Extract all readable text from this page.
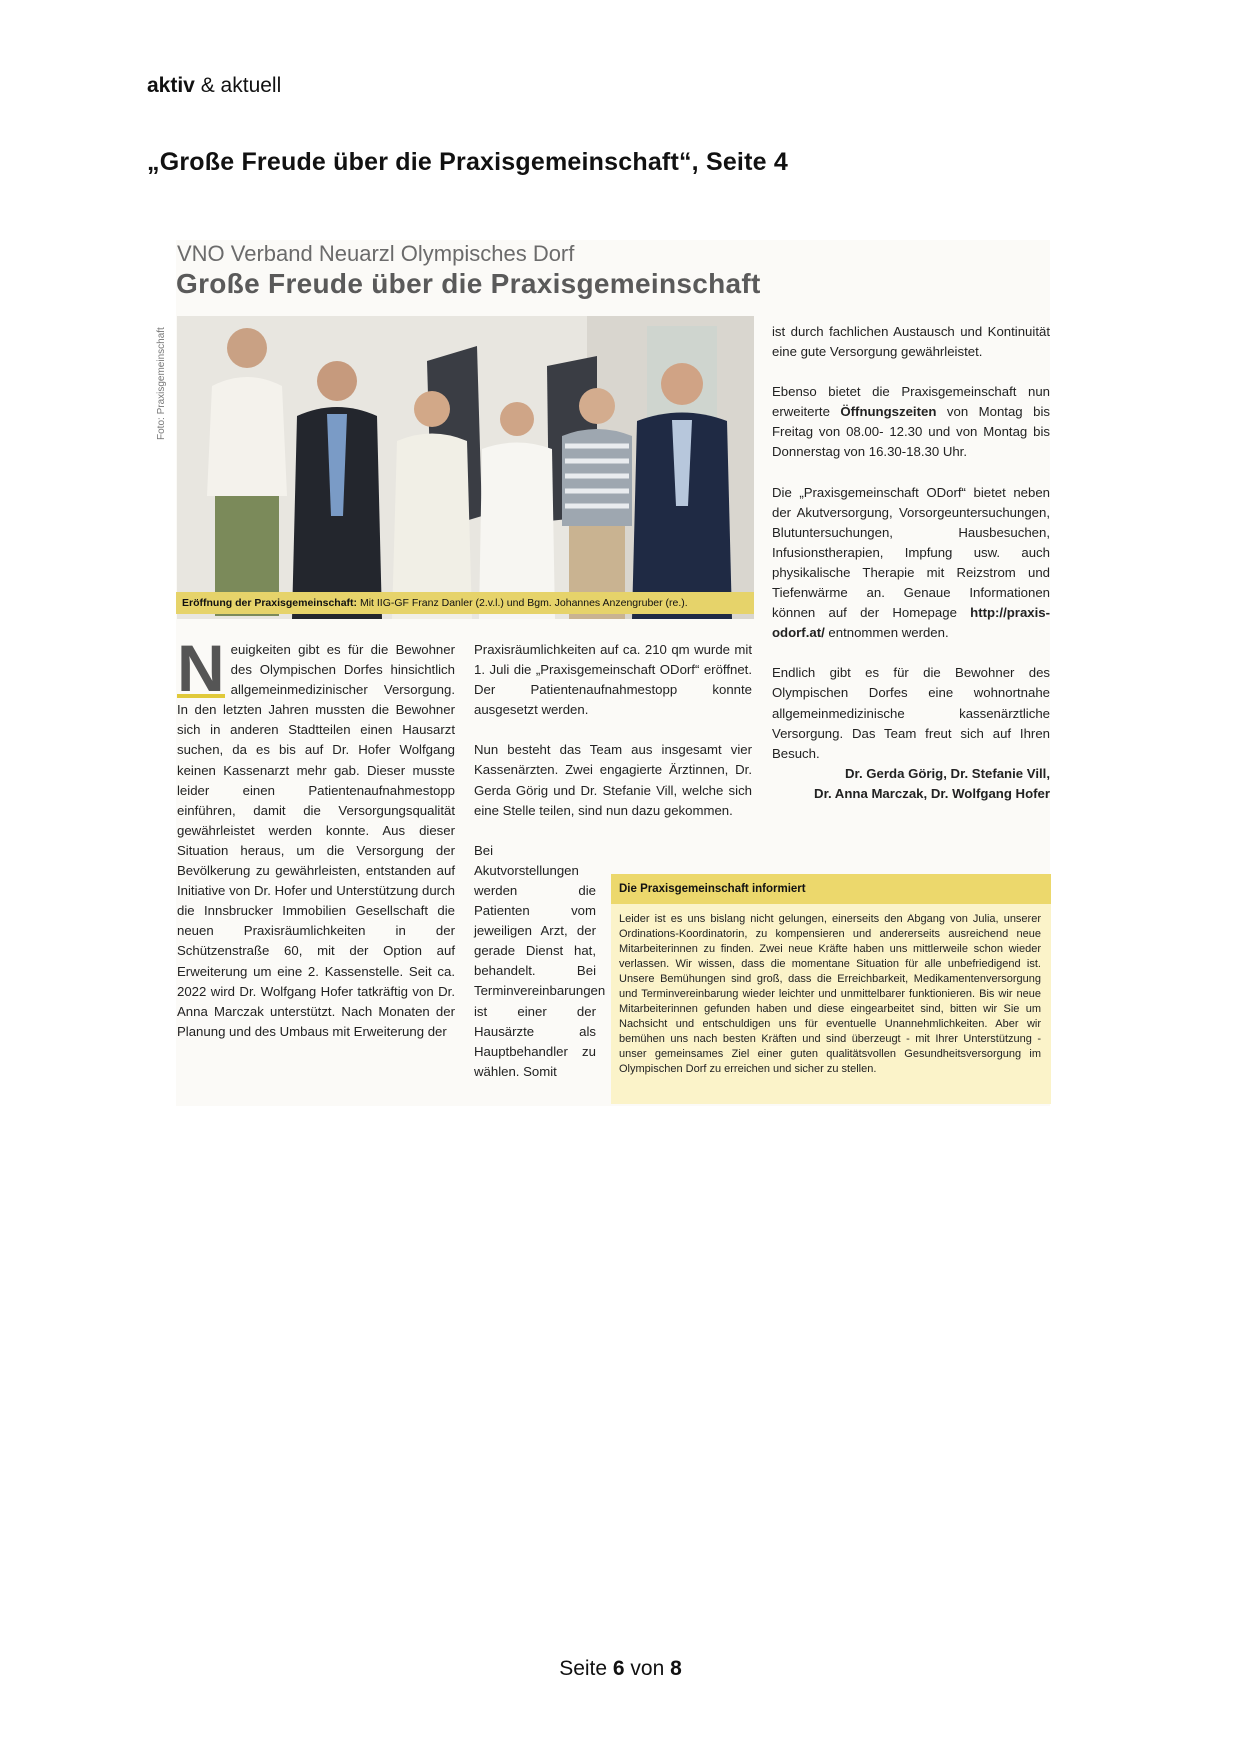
aktiv & aktuell
„Große Freude über die Praxisgemeinschaft“, Seite 4
VNO Verband Neuarzl Olympisches Dorf
Große Freude über die Praxisgemeinschaft
Foto: Praxisgemeinschaft
Eröffnung der Praxisgemeinschaft: Mit IIG-GF Franz Danler (2.v.l.) und Bgm. Johannes Anzengruber (re.).
N euigkeiten gibt es für die Bewohner des Olympischen Dorfes hinsichtlich allgemeinmedizinischer Versorgung. In den letzten Jahren mussten die Bewohner sich in anderen Stadtteilen einen Hausarzt suchen, da es bis auf Dr. Hofer Wolfgang keinen Kassenarzt mehr gab. Dieser musste leider einen Patientenaufnahmestopp einführen, damit die Versorgungsqualität gewährleistet werden konnte. Aus dieser Situation heraus, um die Versorgung der Bevölkerung zu gewährleisten, entstanden auf Initiative von Dr. Hofer und Unterstützung durch die Innsbrucker Immobilien Gesellschaft die neuen Praxisräumlichkeiten in der Schützenstraße 60, mit der Option auf Erweiterung um eine 2. Kassenstelle. Seit ca. 2022 wird Dr. Wolfgang Hofer tatkräftig von Dr. Anna Marczak unterstützt. Nach Monaten der Planung und des Umbaus mit Erweiterung der

Praxisräumlichkeiten auf ca. 210 qm wurde mit 1. Juli die „Praxisgemeinschaft ODorf“ eröffnet. Der Patientenaufnahmestopp konnte ausgesetzt werden.

Nun besteht das Team aus insgesamt vier Kassenärzten. Zwei engagierte Ärztinnen, Dr. Gerda Görig und Dr. Stefanie Vill, welche sich eine Stelle teilen, sind nun dazu gekommen.

Bei Akutvorstellungen werden die Patienten vom jeweiligen Arzt, der gerade Dienst hat, behandelt. Bei Terminvereinbarungen ist einer der Hausärzte als Hauptbehandler zu wählen. Somit

ist durch fachlichen Austausch und Kontinuität eine gute Versorgung gewährleistet.

Ebenso bietet die Praxisgemeinschaft nun erweiterte Öffnungszeiten von Montag bis Freitag von 08.00- 12.30 und von Montag bis Donnerstag von 16.30-18.30 Uhr.

Die „Praxisgemeinschaft ODorf“ bietet neben der Akutversorgung, Vorsorgeuntersuchungen, Blutuntersuchungen, Hausbesuchen, Infusionstherapien, Impfung usw. auch physikalische Therapie mit Reizstrom und Tiefenwärme an. Genaue Informationen können auf der Homepage http://praxis-odorf.at/ entnommen werden.

Endlich gibt es für die Bewohner des Olympischen Dorfes eine wohnortnahe allgemeinmedizinische kassenärztliche Versorgung. Das Team freut sich auf Ihren Besuch.

Dr. Gerda Görig, Dr. Stefanie Vill,
Dr. Anna Marczak, Dr. Wolfgang Hofer
Die Praxisgemeinschaft informiert
Leider ist es uns bislang nicht gelungen, einerseits den Abgang von Julia, unserer Ordinations-Koordinatorin, zu kompensieren und andererseits ausreichend neue Mitarbeiterinnen zu finden. Zwei neue Kräfte haben uns mittlerweile schon wieder verlassen. Wir wissen, dass die momentane Situation für alle unbefriedigend ist. Unsere Bemühungen sind groß, dass die Erreichbarkeit, Medikamentenversorgung und Terminvereinbarung wieder leichter und unmittelbarer funktionieren. Bis wir neue Mitarbeiterinnen gefunden haben und diese eingearbeitet sind, bitten wir Sie um Nachsicht und entschuldigen uns für eventuelle Unannehmlichkeiten. Aber wir bemühen uns nach besten Kräften und sind überzeugt - mit Ihrer Unterstützung - unser gemeinsames Ziel einer guten qualitätsvollen Gesundheitsversorgung im Olympischen Dorf zu erreichen und sicher zu stellen.
Seite 6 von 8
